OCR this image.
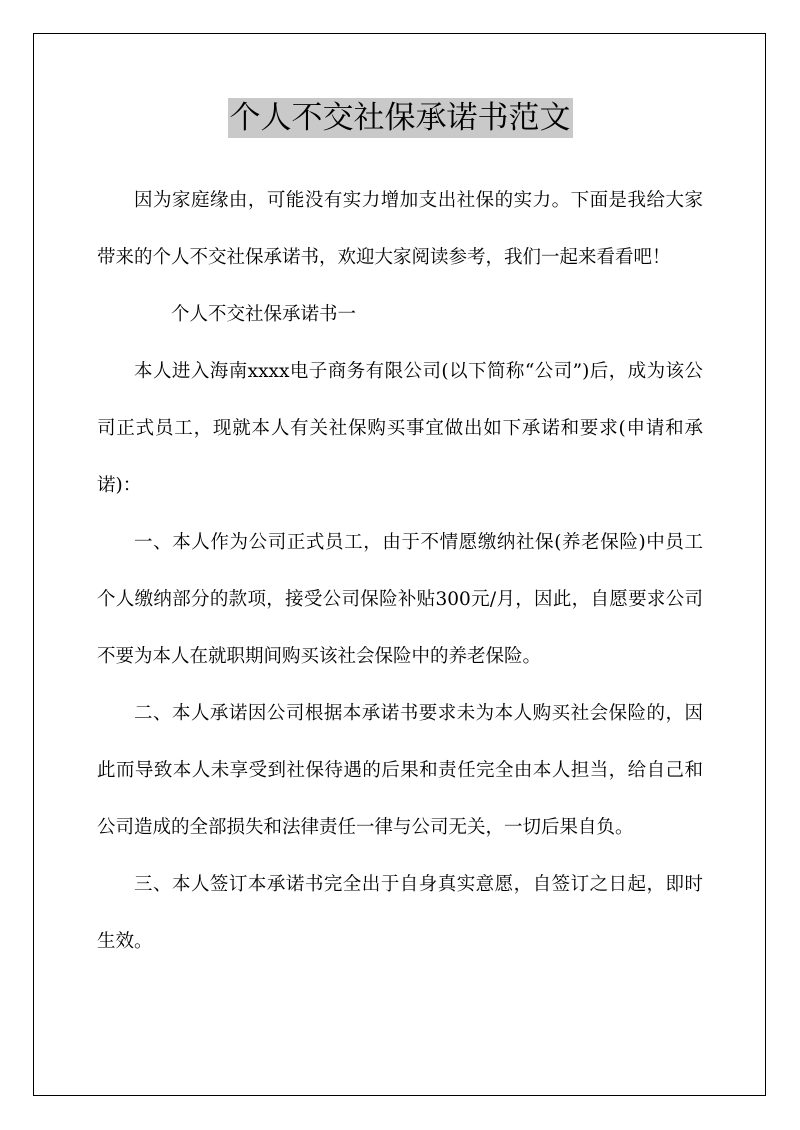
个人不交社保承诺书范文

因为家庭缘由，可能没有实力增加支出社保的实力。下面是我给大家带来的个人不交社保承诺书，欢迎大家阅读参考，我们一起来看看吧！

个人不交社保承诺书一

本人进入海南xxxx电子商务有限公司(以下简称“公司”)后，成为该公司正式员工，现就本人有关社保购买事宜做出如下承诺和要求(申请和承诺)：

一、本人作为公司正式员工，由于不情愿缴纳社保(养老保险)中员工个人缴纳部分的款项，接受公司保险补贴300元/月，因此，自愿要求公司不要为本人在就职期间购买该社会保险中的养老保险。

二、本人承诺因公司根据本承诺书要求未为本人购买社会保险的，因此而导致本人未享受到社保待遇的后果和责任完全由本人担当，给自己和公司造成的全部损失和法律责任一律与公司无关，一切后果自负。

三、本人签订本承诺书完全出于自身真实意愿，自签订之日起，即时生效。
